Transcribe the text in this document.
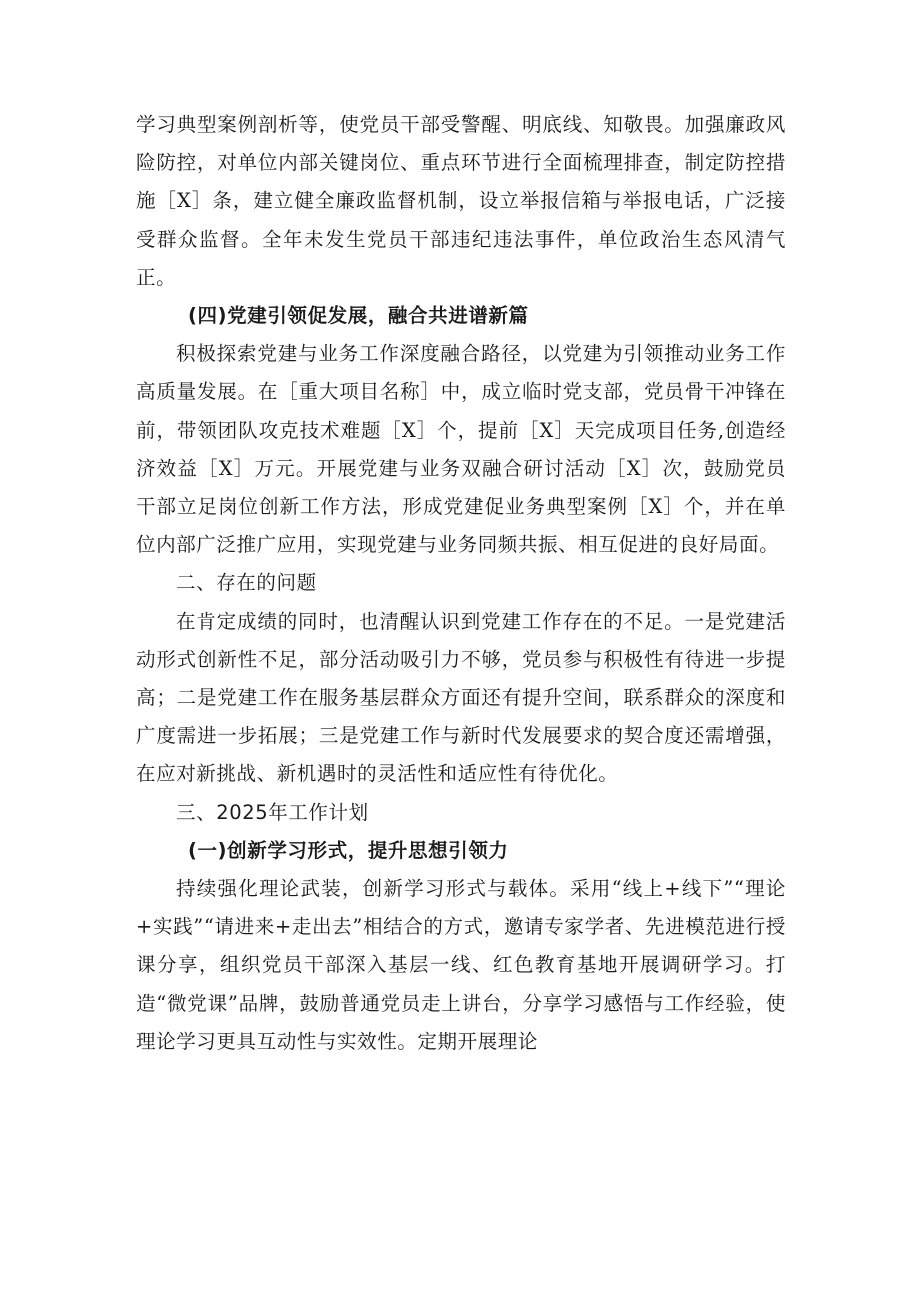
学习典型案例剖析等，使党员干部受警醒、明底线、知敬畏。加强廉政风险防控，对单位内部关键岗位、重点环节进行全面梳理排查，制定防控措施［X］条，建立健全廉政监督机制，设立举报信箱与举报电话，广泛接受群众监督。全年未发生党员干部违纪违法事件，单位政治生态风清气正。

(四)党建引领促发展，融合共进谱新篇

积极探索党建与业务工作深度融合路径，以党建为引领推动业务工作高质量发展。在［重大项目名称］中，成立临时党支部，党员骨干冲锋在前，带领团队攻克技术难题［X］个，提前［X］天完成项目任务,创造经济效益［X］万元。开展党建与业务双融合研讨活动［X］次，鼓励党员干部立足岗位创新工作方法，形成党建促业务典型案例［X］个，并在单位内部广泛推广应用，实现党建与业务同频共振、相互促进的良好局面。

二、存在的问题

在肯定成绩的同时，也清醒认识到党建工作存在的不足。一是党建活动形式创新性不足，部分活动吸引力不够，党员参与积极性有待进一步提高；二是党建工作在服务基层群众方面还有提升空间，联系群众的深度和广度需进一步拓展；三是党建工作与新时代发展要求的契合度还需增强，在应对新挑战、新机遇时的灵活性和适应性有待优化。

三、2025年工作计划

(一)创新学习形式，提升思想引领力

持续强化理论武装，创新学习形式与载体。采用“线上+线下”“理论+实践”“请进来+走出去”相结合的方式，邀请专家学者、先进模范进行授课分享，组织党员干部深入基层一线、红色教育基地开展调研学习。打造“微党课”品牌，鼓励普通党员走上讲台，分享学习感悟与工作经验，使理论学习更具互动性与实效性。定期开展理论
